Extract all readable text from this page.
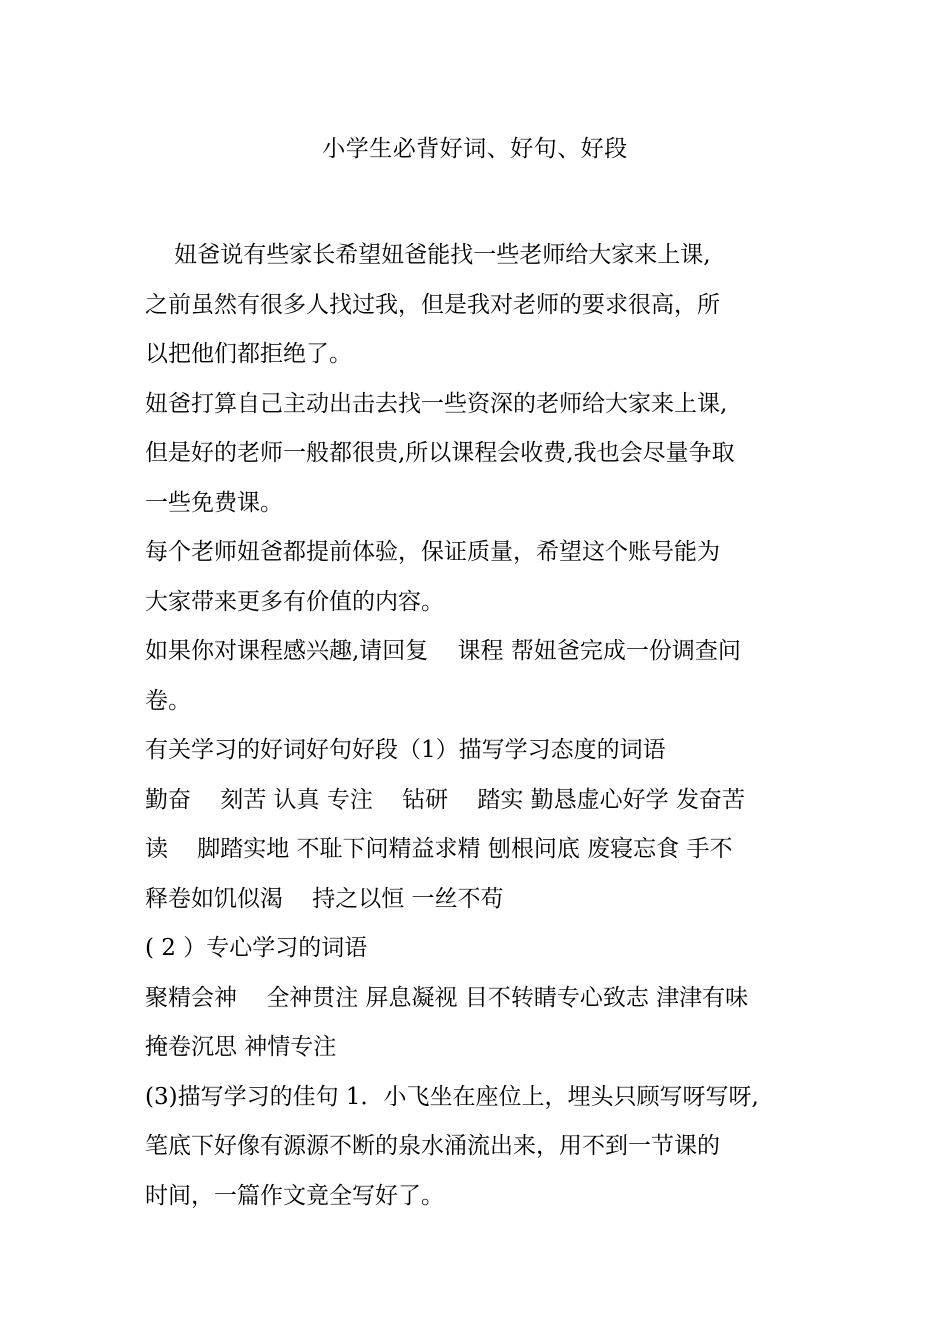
小学生必背好词、好句、好段
妞爸说有些家长希望妞爸能找一些老师给大家来上课,
之前虽然有很多人找过我，但是我对老师的要求很高，所
以把他们都拒绝了。
妞爸打算自己主动出击去找一些资深的老师给大家来上课,
但是好的老师一般都很贵,所以课程会收费,我也会尽量争取
一些免费课。
每个老师妞爸都提前体验，保证质量，希望这个账号能为
大家带来更多有价值的内容。
如果你对课程感兴趣,请回复    课程 帮妞爸完成一份调查问
卷。
有关学习的好词好句好段（1）描写学习态度的词语
勤奋    刻苦 认真 专注    钻研    踏实 勤恳虚心好学 发奋苦
读    脚踏实地 不耻下问精益求精 刨根问底 废寝忘食 手不
释卷如饥似渴    持之以恒 一丝不苟
( 2 ）专心学习的词语
聚精会神    全神贯注 屏息凝视 目不转睛专心致志 津津有味
掩卷沉思 神情专注
(3)描写学习的佳句 1．小飞坐在座位上，埋头只顾写呀写呀,
笔底下好像有源源不断的泉水涌流出来，用不到一节课的
时间，一篇作文竟全写好了。
